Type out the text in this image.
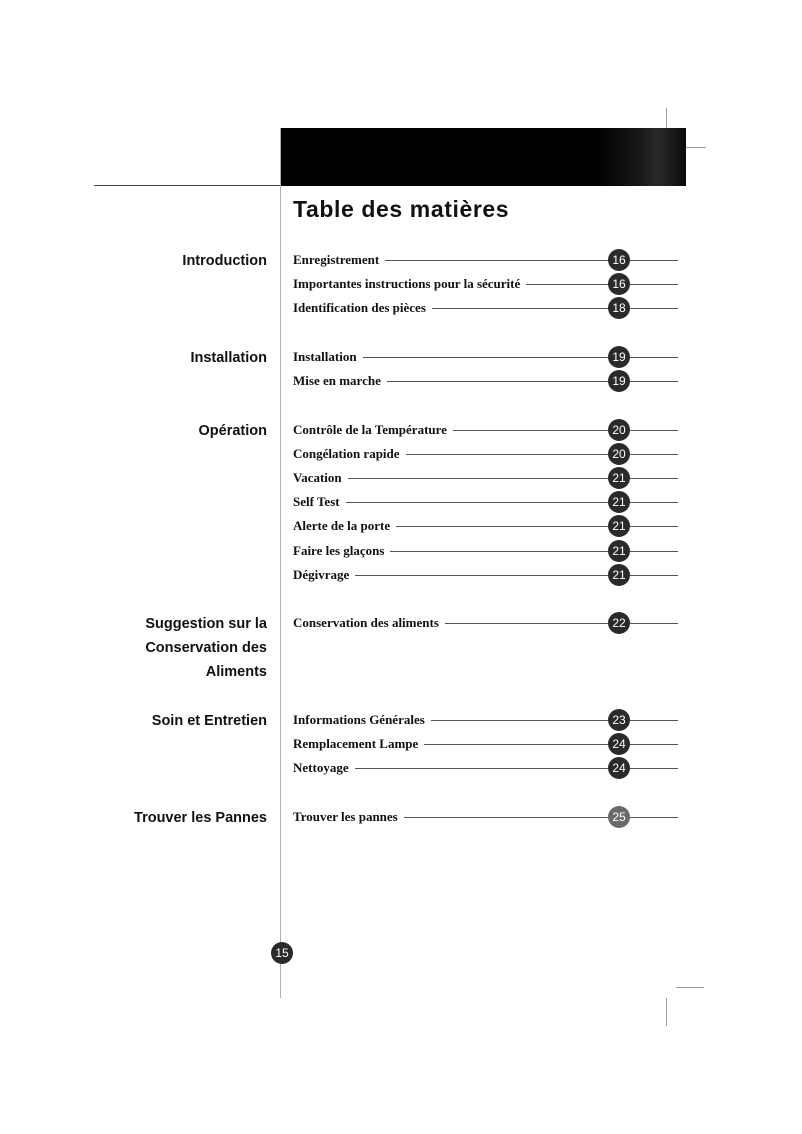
Table des matières
Introduction Enregistrement	16
Importantes instructions pour la sécurité	16
Identification des pièces	18
Installation Installation	19
Mise en marche	19
Opération Contrôle de la Température	20
Congélation rapide	20
Vacation	21
Self Test	21
Alerte de la porte	21
Faire les glaçons	21
Dégivrage	21
Suggestion sur la
Conservation des
Aliments
Conservation des aliments	22
Soin et Entretien Informations Générales	23
Remplacement Lampe	24
Nettoyage	24
Trouver les Pannes Trouver les pannes	25
15
